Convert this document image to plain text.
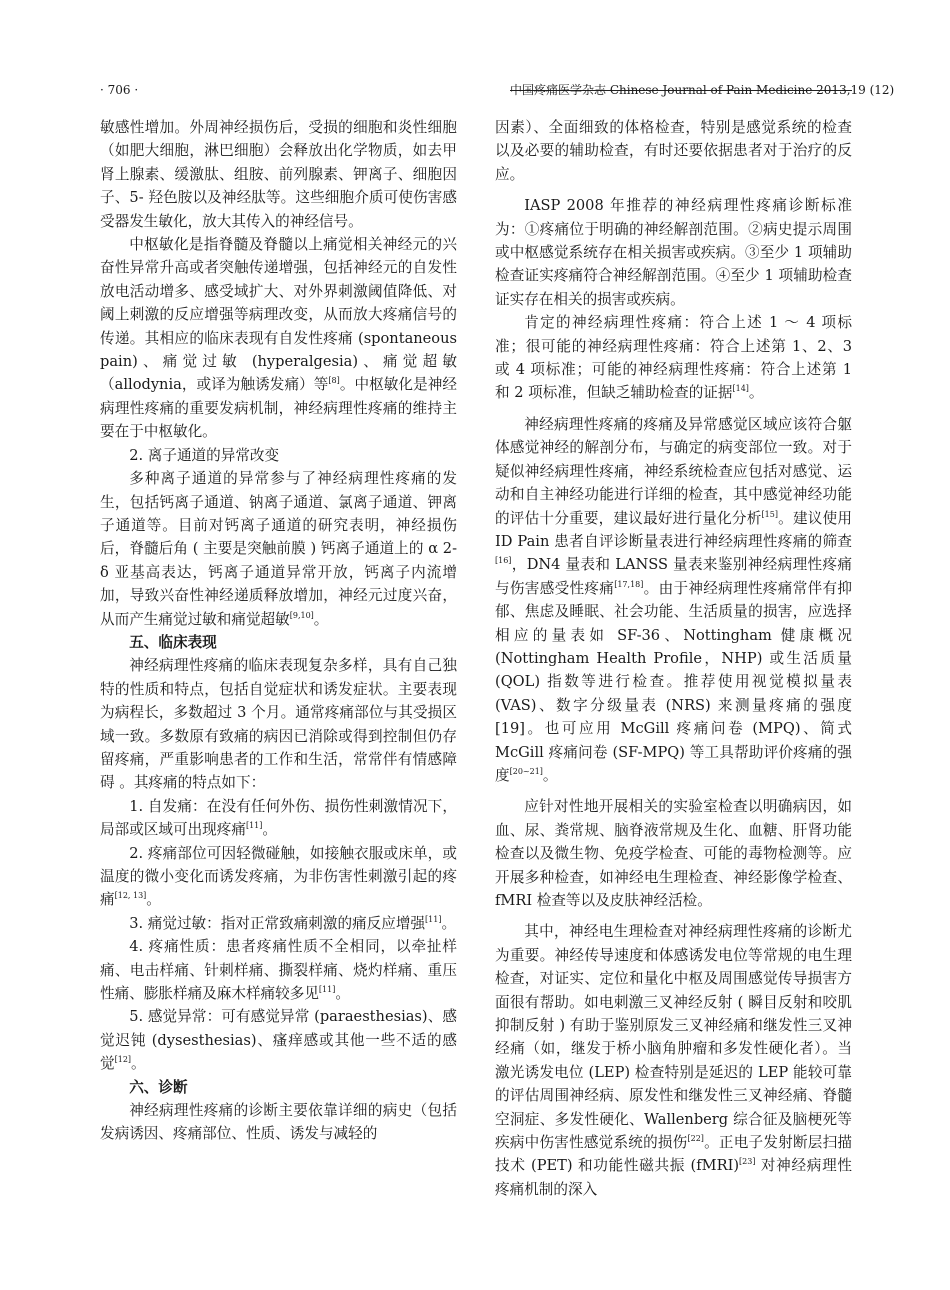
· 706 ·	中国疼痛医学杂志 Chinese Journal of Pain Medicine 2013,19 (12)

敏感性增加。外周神经损伤后，受损的细胞和炎性细胞（如肥大细胞，淋巴细胞）会释放出化学物质，如去甲肾上腺素、缓激肽、组胺、前列腺素、钾离子、细胞因子、5- 羟色胺以及神经肽等。这些细胞介质可使伤害感受器发生敏化，放大其传入的神经信号。

中枢敏化是指脊髓及脊髓以上痛觉相关神经元的兴奋性异常升高或者突触传递增强，包括神经元的自发性放电活动增多、感受域扩大、对外界刺激阈值降低、对阈上刺激的反应增强等病理改变，从而放大疼痛信号的传递。其相应的临床表现有自发性疼痛 (spontaneous pain)、痛觉过敏 (hyperalgesia)、痛觉超敏（allodynia，或译为触诱发痛）等[8]。中枢敏化是神经病理性疼痛的重要发病机制，神经病理性疼痛的维持主要在于中枢敏化。

2. 离子通道的异常改变

多种离子通道的异常参与了神经病理性疼痛的发生，包括钙离子通道、钠离子通道、氯离子通道、钾离子通道等。目前对钙离子通道的研究表明，神经损伤后，脊髓后角 ( 主要是突触前膜 ) 钙离子通道上的 α 2- δ 亚基高表达，钙离子通道异常开放，钙离子内流增加，导致兴奋性神经递质释放增加，神经元过度兴奋，从而产生痛觉过敏和痛觉超敏[9,10]。

五、临床表现

神经病理性疼痛的临床表现复杂多样，具有自己独特的性质和特点，包括自觉症状和诱发症状。主要表现为病程长，多数超过 3 个月。通常疼痛部位与其受损区域一致。多数原有致痛的病因已消除或得到控制但仍存留疼痛，严重影响患者的工作和生活，常常伴有情感障碍 。其疼痛的特点如下：

1. 自发痛：在没有任何外伤、损伤性刺激情况下，局部或区域可出现疼痛[11]。

2. 疼痛部位可因轻微碰触，如接触衣服或床单，或温度的微小变化而诱发疼痛，为非伤害性刺激引起的疼痛[12, 13]。

3. 痛觉过敏：指对正常致痛刺激的痛反应增强[11]。

4. 疼痛性质：患者疼痛性质不全相同，以牵扯样痛、电击样痛、针刺样痛、撕裂样痛、烧灼样痛、重压性痛、膨胀样痛及麻木样痛较多见[11]。

5. 感觉异常：可有感觉异常 (paraesthesias)、感觉迟钝 (dysesthesias)、瘙痒感或其他一些不适的感觉[12]。

六、诊断

神经病理性疼痛的诊断主要依靠详细的病史（包括发病诱因、疼痛部位、性质、诱发与减轻的

因素）、全面细致的体格检查，特别是感觉系统的检查以及必要的辅助检查，有时还要依据患者对于治疗的反应。

IASP 2008 年推荐的神经病理性疼痛诊断标准为：①疼痛位于明确的神经解剖范围。②病史提示周围或中枢感觉系统存在相关损害或疾病。③至少 1 项辅助检查证实疼痛符合神经解剖范围。④至少 1 项辅助检查证实存在相关的损害或疾病。

肯定的神经病理性疼痛：符合上述 1 ～ 4 项标准；很可能的神经病理性疼痛：符合上述第 1、2、3 或 4 项标准；可能的神经病理性疼痛：符合上述第 1 和 2 项标准，但缺乏辅助检查的证据[14]。

神经病理性疼痛的疼痛及异常感觉区域应该符合躯体感觉神经的解剖分布，与确定的病变部位一致。对于疑似神经病理性疼痛，神经系统检查应包括对感觉、运动和自主神经功能进行详细的检查，其中感觉神经功能的评估十分重要，建议最好进行量化分析[15]。建议使用 ID Pain 患者自评诊断量表进行神经病理性疼痛的筛查[16]，DN4 量表和 LANSS 量表来鉴别神经病理性疼痛与伤害感受性疼痛[17,18]。由于神经病理性疼痛常伴有抑郁、焦虑及睡眠、社会功能、生活质量的损害，应选择相应的量表如 SF-36、Nottingham 健康概况 (Nottingham Health Profile，NHP) 或生活质量 (QOL) 指数等进行检查。推荐使用视觉模拟量表 (VAS)、数字分级量表 (NRS) 来测量疼痛的强度 [19]。也可应用 McGill 疼痛问卷 (MPQ)、简式 McGill 疼痛问卷 (SF-MPQ) 等工具帮助评价疼痛的强度[20~21]。

应针对性地开展相关的实验室检查以明确病因，如血、尿、粪常规、脑脊液常规及生化、血糖、肝肾功能检查以及微生物、免疫学检查、可能的毒物检测等。应开展多种检查，如神经电生理检查、神经影像学检查、fMRI 检查等以及皮肤神经活检。

其中，神经电生理检查对神经病理性疼痛的诊断尤为重要。神经传导速度和体感诱发电位等常规的电生理检查，对证实、定位和量化中枢及周围感觉传导损害方面很有帮助。如电刺激三叉神经反射 ( 瞬目反射和咬肌抑制反射 ) 有助于鉴别原发三叉神经痛和继发性三叉神经痛（如，继发于桥小脑角肿瘤和多发性硬化者）。当激光诱发电位 (LEP) 检查特别是延迟的 LEP 能较可靠的评估周围神经病、原发性和继发性三叉神经痛、脊髓空洞症、多发性硬化、Wallenberg 综合征及脑梗死等疾病中伤害性感觉系统的损伤[22]。正电子发射断层扫描技术 (PET) 和功能性磁共振 (fMRI)[23] 对神经病理性疼痛机制的深入
